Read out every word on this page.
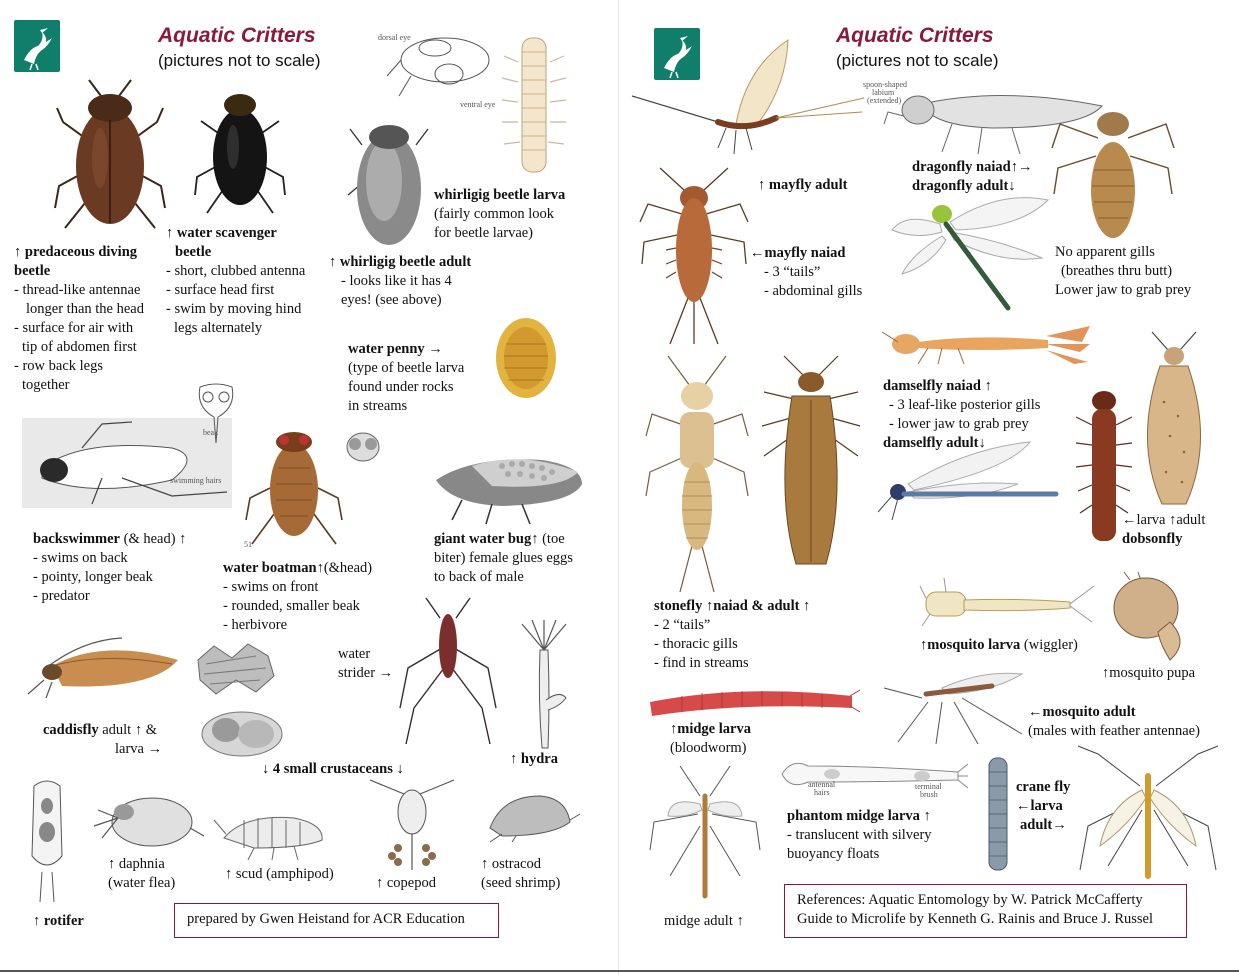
Aquatic Critters
(pictures not to scale)
↑ predaceous diving
beetle
- thread-like antennae
longer than the head
- surface for air with
tip of abdomen first
- row back legs
together
↑ water scavenger
beetle
- short, clubbed antenna
- surface head first
- swim by moving hind
legs alternately
dorsal eye
ventral eye
whirligig beetle larva
(fairly common look
for beetle larvae)
↑ whirligig beetle adult
- looks like it has 4
eyes! (see above)
water penny →
(type of beetle larva
found under rocks
in streams
swimming hairs
beak
backswimmer (& head) ↑
- swims on back
- pointy, longer beak
- predator
51
water boatman↑(&head)
- swims on front
- rounded, smaller beak
- herbivore
giant water bug↑ (toe
biter) female glues eggs
to back of male
caddisfly adult ↑ &
larva →
water
strider →
↑ hydra
↓ 4 small crustaceans ↓
↑ rotifer
↑ daphnia
(water flea)
↑ scud (amphipod)
↑ copepod
↑ ostracod
(seed shrimp)
prepared by Gwen Heistand for ACR Education
Aquatic Critters
(pictures not to scale)
↑ mayfly adult
spoon-shaped
labium
(extended)
dragonfly naiad↑→
dragonfly adult↓
No apparent gills
(breathes thru butt)
Lower jaw to grab prey
←mayfly naiad
- 3 “tails”
- abdominal gills
stonefly ↑naiad & adult ↑
- 2 “tails”
- thoracic gills
- find in streams
damselfly naiad ↑
- 3 leaf-like posterior gills
- lower jaw to grab prey
damselfly adult↓
←larva ↑adult
dobsonfly
↑mosquito larva (wiggler)
↑mosquito pupa
←mosquito adult
(males with feather antennae)
↑midge larva
(bloodworm)
antennal
hairs
terminal
brush
phantom midge larva ↑
- translucent with silvery
buoyancy floats
crane fly
←larva
adult→
midge adult ↑
References: Aquatic Entomology by W. Patrick McCafferty
Guide to Microlife by Kenneth G. Rainis and Bruce J. Russel
